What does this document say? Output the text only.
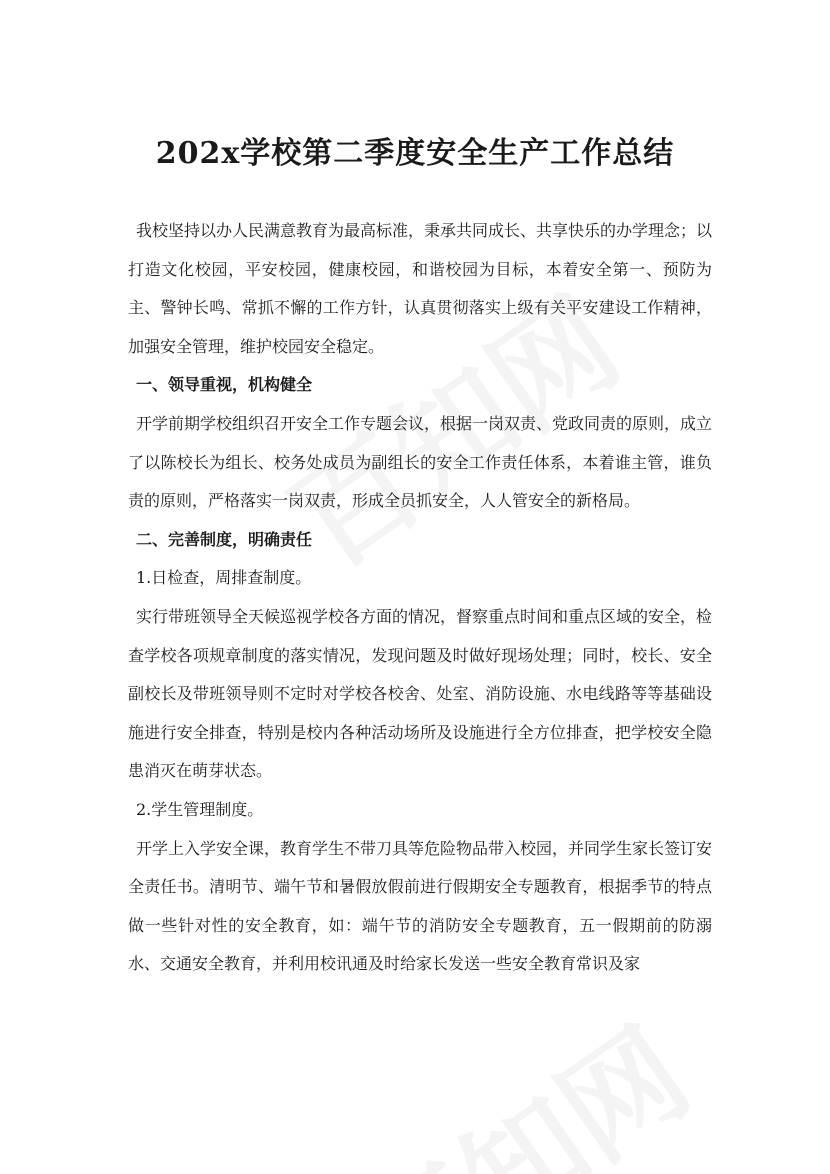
202x学校第二季度安全生产工作总结

我校坚持以办人民满意教育为最高标准，秉承共同成长、共享快乐的办学理念；以打造文化校园，平安校园，健康校园，和谐校园为目标，本着安全第一、预防为主、警钟长鸣、常抓不懈的工作方针，认真贯彻落实上级有关平安建设工作精神，加强安全管理，维护校园安全稳定。

一、领导重视，机构健全

开学前期学校组织召开安全工作专题会议，根据一岗双责、党政同责的原则，成立了以陈校长为组长、校务处成员为副组长的安全工作责任体系，本着谁主管，谁负责的原则，严格落实一岗双责，形成全员抓安全，人人管安全的新格局。

二、完善制度，明确责任

1.日检查，周排查制度。

实行带班领导全天候巡视学校各方面的情况，督察重点时间和重点区域的安全，检查学校各项规章制度的落实情况，发现问题及时做好现场处理；同时，校长、安全副校长及带班领导则不定时对学校各校舍、处室、消防设施、水电线路等等基础设施进行安全排查，特别是校内各种活动场所及设施进行全方位排查，把学校安全隐患消灭在萌芽状态。

2.学生管理制度。

开学上入学安全课，教育学生不带刀具等危险物品带入校园，并同学生家长签订安全责任书。清明节、端午节和暑假放假前进行假期安全专题教育，根据季节的特点做一些针对性的安全教育，如：端午节的消防安全专题教育，五一假期前的防溺水、交通安全教育，并利用校讯通及时给家长发送一些安全教育常识及家
